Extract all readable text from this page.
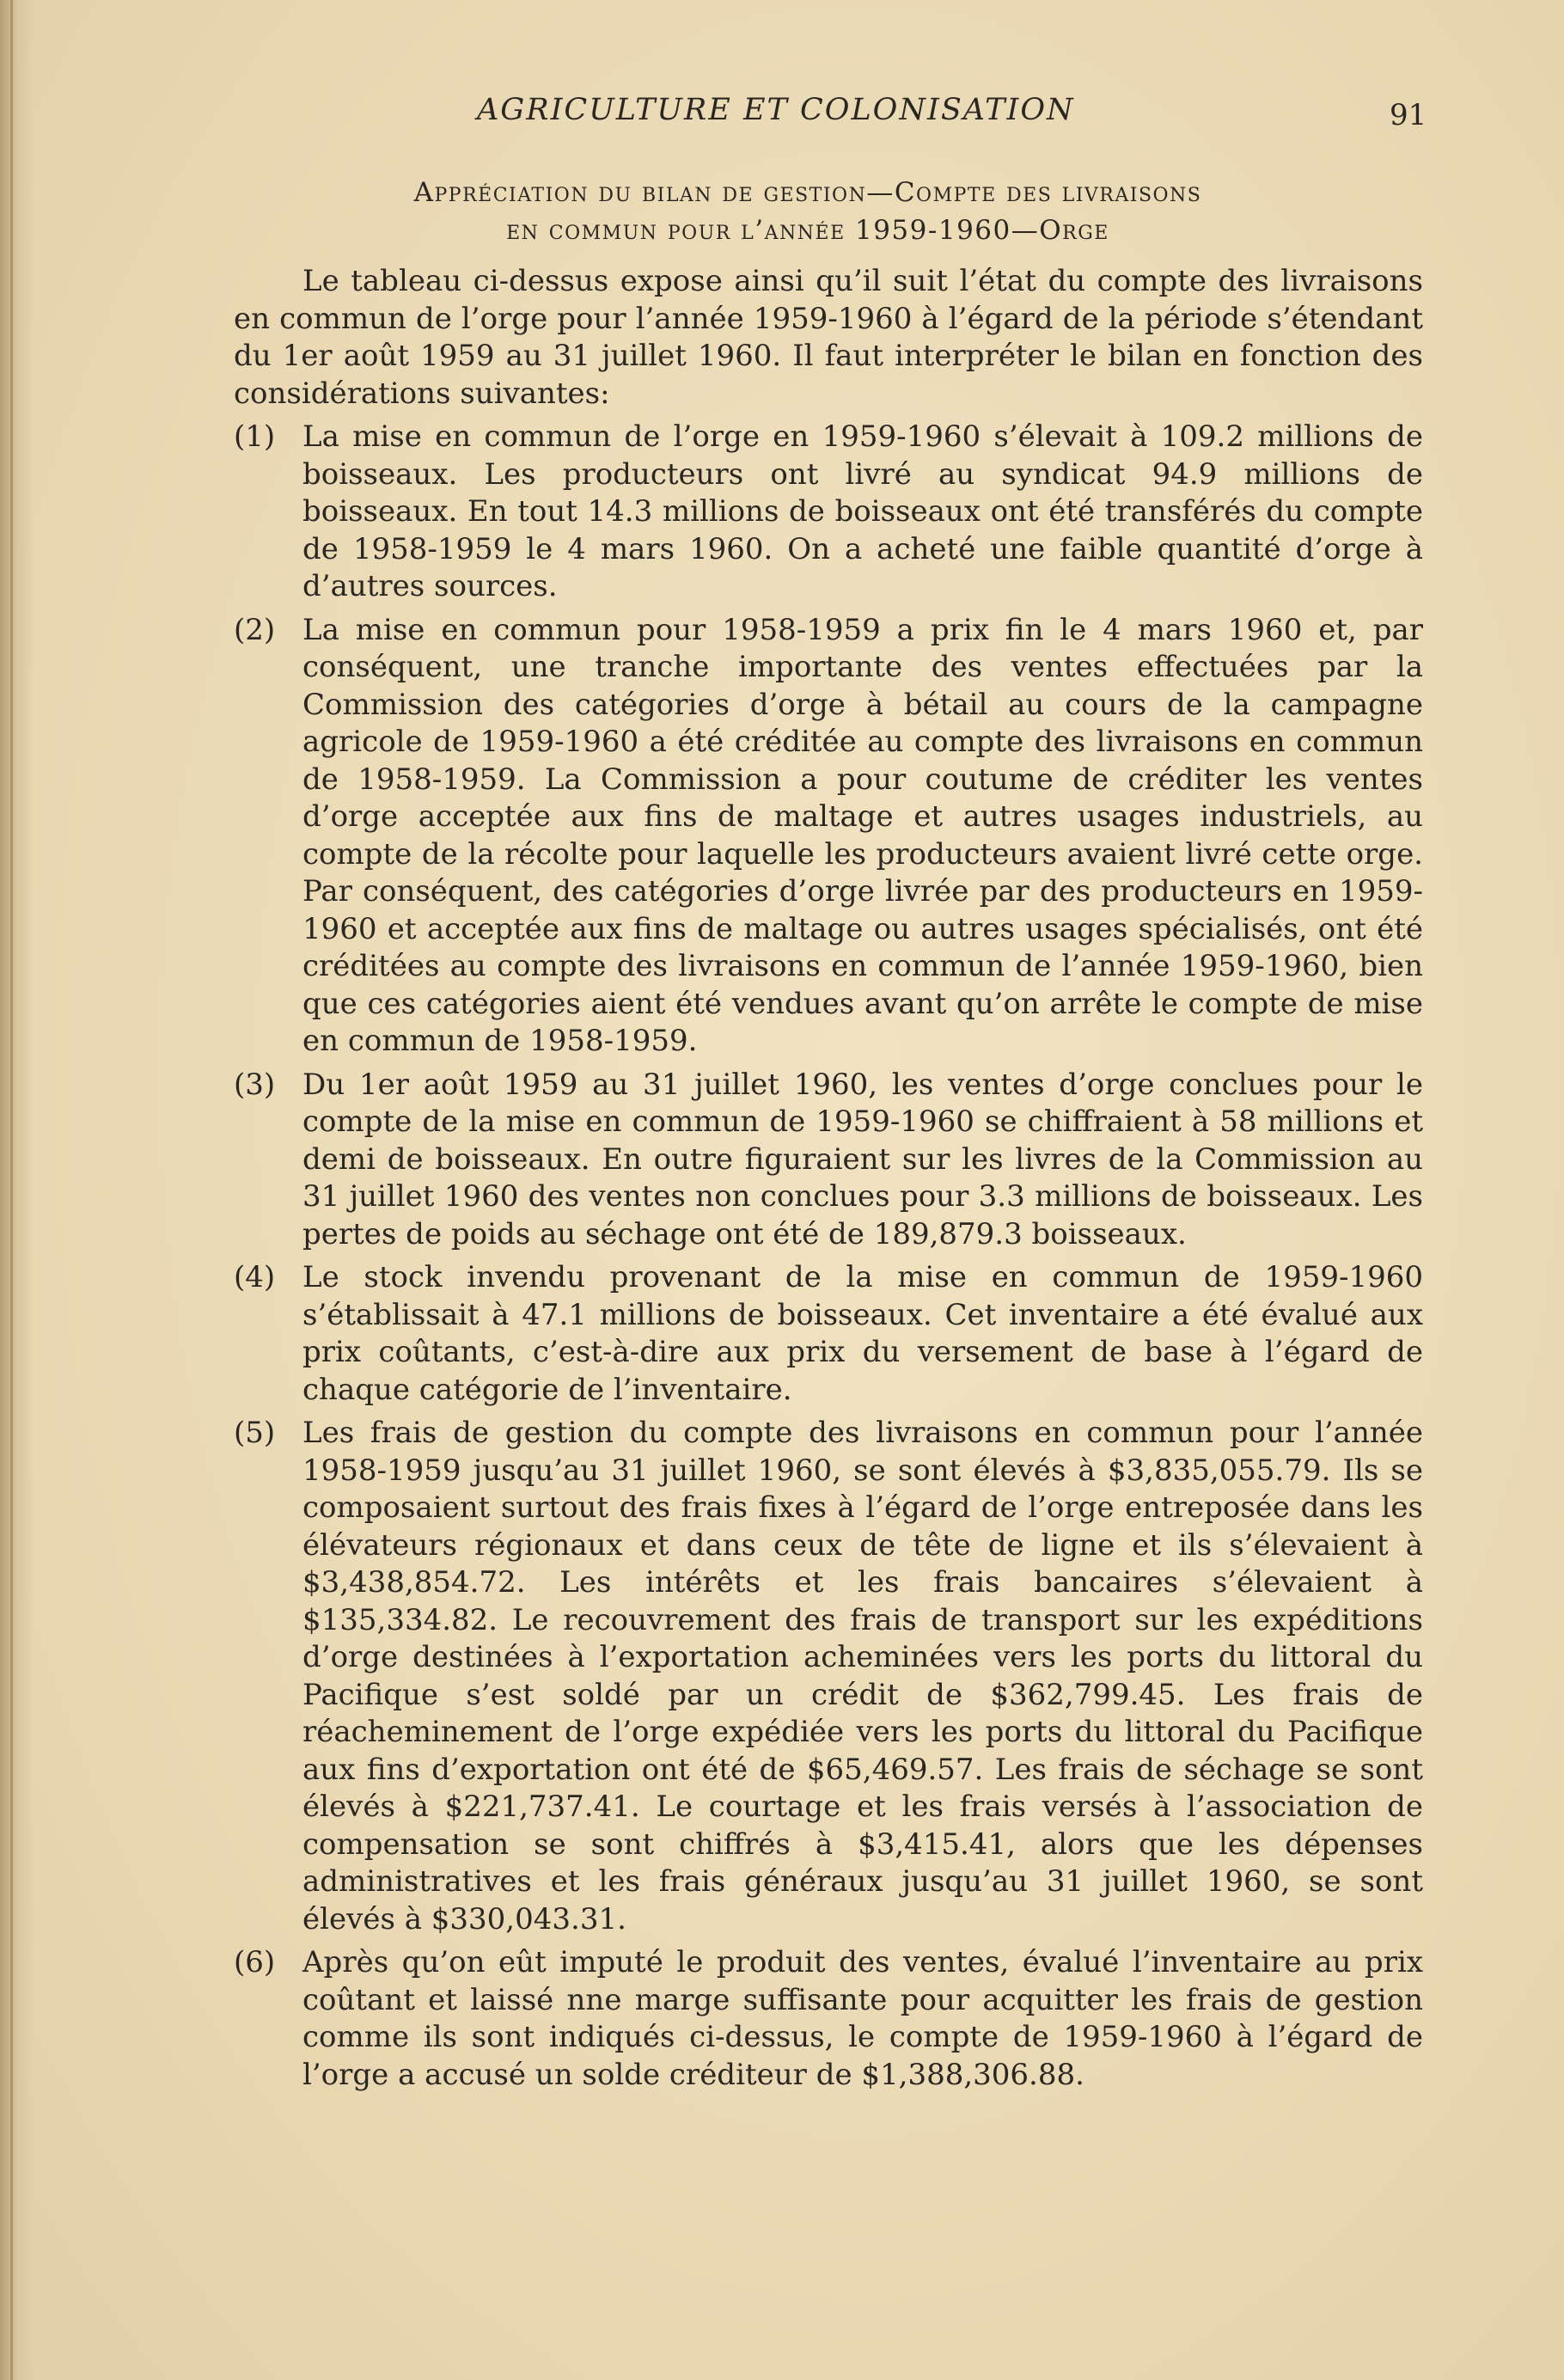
AGRICULTURE ET COLONISATION	91
Appréciation du bilan de gestion—Compte des livraisons
en commun pour l’année 1959-1960—Orge

Le tableau ci-dessus expose ainsi qu’il suit l’état du compte des livraisons en commun de l’orge pour l’année 1959-1960 à l’égard de la période s’étendant du 1er août 1959 au 31 juillet 1960. Il faut interpréter le bilan en fonction des considérations suivantes:

(1) La mise en commun de l’orge en 1959-1960 s’élevait à 109.2 millions de boisseaux. Les producteurs ont livré au syndicat 94.9 millions de boisseaux. En tout 14.3 millions de boisseaux ont été transférés du compte de 1958-1959 le 4 mars 1960. On a acheté une faible quantité d’orge à d’autres sources.
(2) La mise en commun pour 1958-1959 a prix fin le 4 mars 1960 et, par conséquent, une tranche importante des ventes effectuées par la Commission des catégories d’orge à bétail au cours de la campagne agricole de 1959-1960 a été créditée au compte des livraisons en commun de 1958-1959. La Commission a pour coutume de créditer les ventes d’orge acceptée aux fins de maltage et autres usages industriels, au compte de la récolte pour laquelle les producteurs avaient livré cette orge. Par conséquent, des catégories d’orge livrée par des producteurs en 1959-1960 et acceptée aux fins de maltage ou autres usages spécialisés, ont été créditées au compte des livraisons en commun de l’année 1959-1960, bien que ces catégories aient été vendues avant qu’on arrête le compte de mise en commun de 1958-1959.
(3) Du 1er août 1959 au 31 juillet 1960, les ventes d’orge conclues pour le compte de la mise en commun de 1959-1960 se chiffraient à 58 millions et demi de boisseaux. En outre figuraient sur les livres de la Commission au 31 juillet 1960 des ventes non conclues pour 3.3 millions de boisseaux. Les pertes de poids au séchage ont été de 189,879.3 boisseaux.
(4) Le stock invendu provenant de la mise en commun de 1959-1960 s’établissait à 47.1 millions de boisseaux. Cet inventaire a été évalué aux prix coûtants, c’est-à-dire aux prix du versement de base à l’égard de chaque catégorie de l’inventaire.
(5) Les frais de gestion du compte des livraisons en commun pour l’année 1958-1959 jusqu’au 31 juillet 1960, se sont élevés à $3,835,055.79. Ils se composaient surtout des frais fixes à l’égard de l’orge entreposée dans les élévateurs régionaux et dans ceux de tête de ligne et ils s’élevaient à $3,438,854.72. Les intérêts et les frais bancaires s’élevaient à $135,334.82. Le recouvrement des frais de transport sur les expéditions d’orge destinées à l’exportation acheminées vers les ports du littoral du Pacifique s’est soldé par un crédit de $362,799.45. Les frais de réacheminement de l’orge expédiée vers les ports du littoral du Pacifique aux fins d’exportation ont été de $65,469.57. Les frais de séchage se sont élevés à $221,737.41. Le courtage et les frais versés à l’association de compensation se sont chiffrés à $3,415.41, alors que les dépenses administratives et les frais généraux jusqu’au 31 juillet 1960, se sont élevés à $330,043.31.
(6) Après qu’on eût imputé le produit des ventes, évalué l’inventaire au prix coûtant et laissé nne marge suffisante pour acquitter les frais de gestion comme ils sont indiqués ci-dessus, le compte de 1959-1960 à l’égard de l’orge a accusé un solde créditeur de $1,388,306.88.
